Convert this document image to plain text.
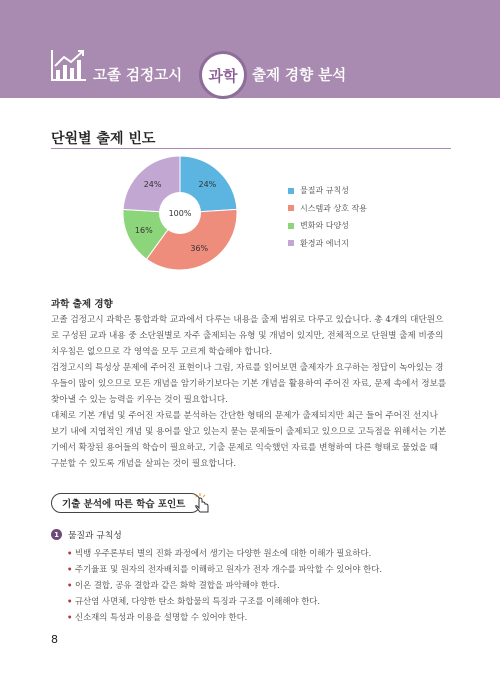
고졸 검정고시 과학 출제 경향 분석
단원별 출제 빈도
24%
36%
16%
24%
100%
물질과 규칙성
시스템과 상호 작용
변화와 다양성
환경과 에너지
과학 출제 경향
고졸 검정고시 과학은 통합과학 교과에서 다루는 내용을 출제 범위로 다루고 있습니다. 총 4개의 대단원으
로 구성된 교과 내용 중 소단원별로 자주 출제되는 유형 및 개념이 있지만, 전체적으로 단원별 출제 비중의
치우침은 없으므로 각 영역을 모두 고르게 학습해야 합니다.
검정고시의 특성상 문제에 주어진 표현이나 그림, 자료를 읽어보면 출제자가 요구하는 정답이 녹아있는 경
우들이 많이 있으므로 모든 개념을 암기하기보다는 기본 개념을 활용하여 주어진 자료, 문제 속에서 정보를
찾아낼 수 있는 능력을 키우는 것이 필요합니다.
대체로 기본 개념 및 주어진 자료를 분석하는 간단한 형태의 문제가 출제되지만 최근 들어 주어진 선지나
보기 내에 지엽적인 개념 및 용어를 알고 있는지 묻는 문제들이 출제되고 있으므로 고득점을 위해서는 기본
기에서 확장된 용어들의 학습이 필요하고, 기출 문제로 익숙했던 자료를 변형하여 다른 형태로 물었을 때
구분할 수 있도록 개념을 살피는 것이 필요합니다.
기출 분석에 따른 학습 포인트
1	물질과 규칙성
• 빅뱅 우주론부터 별의 진화 과정에서 생기는 다양한 원소에 대한 이해가 필요하다.
• 주기율표 및 원자의 전자배치를 이해하고 원자가 전자 개수를 파악할 수 있어야 한다.
• 이온 결합, 공유 결합과 같은 화학 결합을 파악해야 한다.
• 규산염 사면체, 다양한 탄소 화합물의 특징과 구조를 이해해야 한다.
• 신소재의 특성과 이용을 설명할 수 있어야 한다.
8
